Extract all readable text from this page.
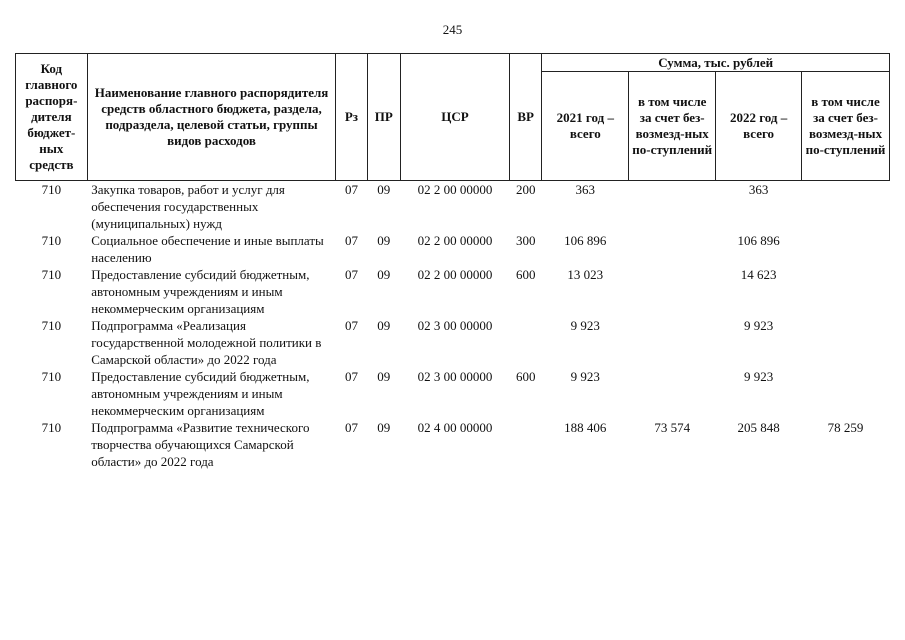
245
Код главного распоря-дителя бюджет-ных средств	Наименование главного распорядителя средств областного бюджета, раздела, подраздела, целевой статьи, группы видов расходов	Рз	ПР	ЦСР	ВР	Сумма, тыс. рублей			
						2021 год – всего	в том числе за счет без-возмезд-ных по-ступлений	2022 год – всего	в том числе за счет без-возмезд-ных по-ступлений
710	Закупка товаров, работ и услуг для обеспечения государственных (муниципальных) нужд	07	09	02 2 00 00000	200	363		363	
710	Социальное обеспечение и иные выплаты населению	07	09	02 2 00 00000	300	106 896		106 896	
710	Предоставление субсидий бюджетным, автономным учреждениям и иным некоммерческим организациям	07	09	02 2 00 00000	600	13 023		14 623	
710	Подпрограмма «Реализация государственной молодежной политики в Самарской области» до 2022 года	07	09	02 3 00 00000		9 923		9 923	
710	Предоставление субсидий бюджетным, автономным учреждениям и иным некоммерческим организациям	07	09	02 3 00 00000	600	9 923		9 923	
710	Подпрограмма «Развитие технического творчества обучающихся Самарской области» до 2022 года	07	09	02 4 00 00000		188 406	73 574	205 848	78 259
